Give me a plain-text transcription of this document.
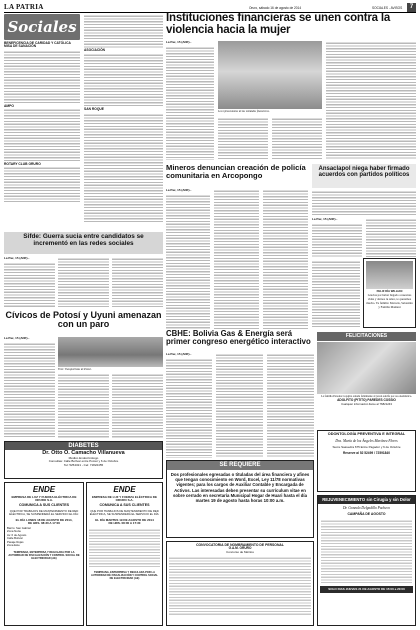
LA PATRIA	Oruro, sábado 16 de agosto de 2014	SOCIALES - AVISOS	7
Sociales
BENEFICENCIA DE CARIDAD Y CATÓLICA
MISA DE SANACIÓN
AMPO
ROTARY CLUB ORURO
ASOCIACIÓN
SAN ROQUE
Instituciones financieras se unen contra la violencia hacia la mujer
La Paz, 15 (ANF).-
Los representantes de las entidades financieras.
Mineros denuncian creación de policía comunitaria en Arcopongo
La Paz, 15 (ANF).-
Ansaclapol niega haber firmado acuerdos con partidos políticos
La Paz, 15 (ANF).-
FELIZ DÍA WILLIAN
Gracias por haber llegado a nuestras vidas y darnos tu amor, te queremos mucho. Tu familia: Marcela, Sebastián y Familia Mamani
Sifde: Guerra sucia entre candidatos se incrementó en las redes sociales
La Paz, 15 (ANF).-
Cívicos de Potosí y Uyuni amenazan con un paro
La Paz, 15 (ANF).-
Foto: Transportistas de Potosí.
CBHE: Bolivia Gas & Energía será primer congreso energético interactivo
La Paz, 15 (ANF).-
FELICITACIONES
La familia Paredes Copajira saluda felizmente al joven adolfo por su onomástico.
ADOLFITO (PITITO) PAREDES COSSIO
Cualquier información llame al 76821243
DIABETES
Dr. Otto O. Camacho Villanueva
Médico Endocrinólogo
Consultas: Calle Bolívar entre Potosí y 6 de Octubre
Tel: 5254321 - Cel: 71822455
ENDE
EMPRESA DE LUZ Y FUERZA ELÉCTRICA DE ORURO S.A.
COMUNICA A SUS CLIENTES
QUE POR TRABAJOS DE MANTENIMIENTO DE RED ELÉCTRICA, SE SUSPENDERÁ EL SERVICIO EL DÍA:
EL DÍA LUNES 18 DE AGOSTO DE 2014,
DE HRS. 08:30 A 17:00
Barrio: San Gabriel
Zona Norte
Av. 6 de Agosto
Calle Bolívar
Pasaje Rojas
Zona Este
TEMPRANA, ENTERPRISA Y REGULADA POR LA AUTORIDAD DE FISCALIZACIÓN Y CONTROL SOCIAL DE ELECTRICIDAD (AE)
ENDE
EMPRESA DE LUZ Y FUERZA ELÉCTRICA DE ORURO S.A.
COMUNICA A SUS CLIENTES
QUE POR TRABAJOS DE MANTENIMIENTO DE RED ELÉCTRICA, SE SUSPENDERÁ EL SERVICIO EL DÍA:
EL DÍA MARTES 19 DE AGOSTO DE 2014
DE HRS. 08:00 A 17:30
TEMPRANA, ENTERPRISA Y REGULADA POR LA AUTORIDAD DE FISCALIZACIÓN Y CONTROL SOCIAL DE ELECTRICIDAD (AE)
SE REQUIERE
Dos profesionales egresadas o tituladas del área financiera y afines que tengan conocimiento en Word, Excel, Ley 11/78 normativas vigentes; para los cargos de Auxiliar Contable y Encargada de Activos. Las interesadas deben presentar su currículum vitae en sobre cerrado en secretaría Municipal Hogar de Huari hasta el día martes 19 de agosto hasta horas 10:00 a.m.
CONVOCATORIA DE NOMBRAMIENTO DE PERSONAL
G.A.M. ORURO
Concurso de Méritos
ODONTOLOGÍA PREVENTIVA E INTEGRAL
Dra. María de los Ángeles Martínez Flores
Sucre Saavedra 675 Entre Pagador y 6 de Octubre
Reserve al 52 52499 / 72591840
REJUVENECIMIENTO sin Cirugía y sin Dolor
Dr. Gonzalo Delgadillo Pacheco
CAMPAÑA DE AGOSTO
SOLO DIAS JUEVES 21 DE AGOSTO DE 15:00 a 20:00
